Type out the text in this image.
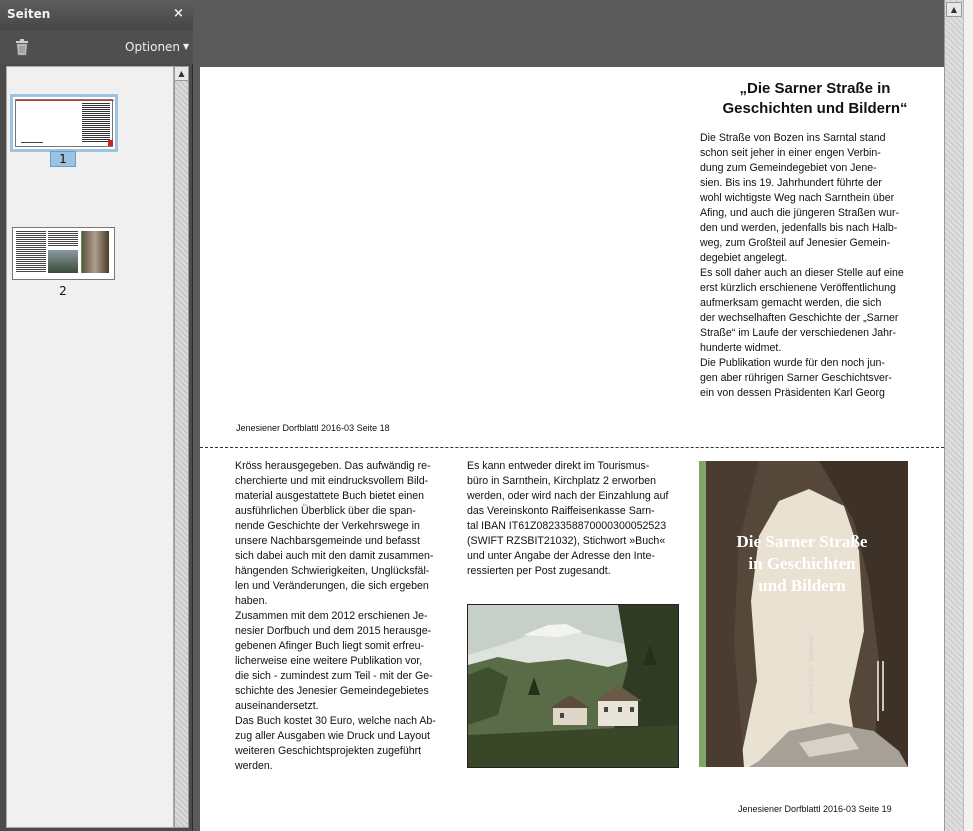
Seiten	×
Optionen ▼
▲
1
2
„Die Sarner Straße in
Geschichten und Bildern“

Die Straße von Bozen ins Sarntal stand

schon seit jeher in einer engen Verbin-

dung zum Gemeindegebiet von Jene-

sien. Bis ins 19. Jahrhundert führte der

wohl wichtigste Weg nach Sarnthein über

Afing, und auch die jüngeren Straßen wur-

den und werden, jedenfalls bis nach Halb-

weg, zum Großteil auf Jenesier Gemein-

degebiet angelegt.

Es soll daher auch an dieser Stelle auf eine

erst kürzlich erschienene Veröffentlichung

aufmerksam gemacht werden, die sich

der wechselhaften Geschichte der „Sarner

Straße“ im Laufe der verschiedenen Jahr-

hunderte widmet.

Die Publikation wurde für den noch jun-

gen aber rührigen Sarner Geschichtsver-

ein von dessen Präsidenten Karl Georg

Jenesiener Dorfblattl 2016-03 Seite 18

Kröss herausgegeben. Das aufwändig re-

cherchierte und mit eindrucksvollem Bild-

material ausgestattete Buch bietet einen

ausführlichen Überblick über die span-

nende Geschichte der Verkehrswege in

unsere Nachbarsgemeinde und befasst

sich dabei auch mit den damit zusammen-

hängenden Schwierigkeiten, Unglücksfäl-

len und Veränderungen, die sich ergeben

haben.

Zusammen mit dem 2012 erschienen Je-

nesier Dorfbuch und dem 2015 herausge-

gebenen Afinger Buch liegt somit erfreu-

licherweise eine weitere Publikation vor,

die sich - zumindest zum Teil - mit der Ge-

schichte des Jenesier Gemeindegebietes

auseinandersetzt.

Das Buch kostet 30 Euro, welche nach Ab-

zug aller Ausgaben wie Druck und Layout

weiteren Geschichtsprojekten zugeführt

werden.

Es kann entweder direkt im Tourismus-

büro in Sarnthein, Kirchplatz 2 erworben

werden, oder wird nach der Einzahlung auf

das Vereinskonto Raiffeisenkasse Sarn-

tal IBAN IT61Z0823358870000300052523

(SWIFT RZSBIT21032), Stichwort »Buch«

und unter Angabe der Adresse den Inte-

ressierten per Post zugesandt.

Die Sarner Straße
in Geschichten
und Bildern
Karl Georg Kröss · Sarnthein
Jenesiener Dorfblattl 2016-03 Seite 19
▲
